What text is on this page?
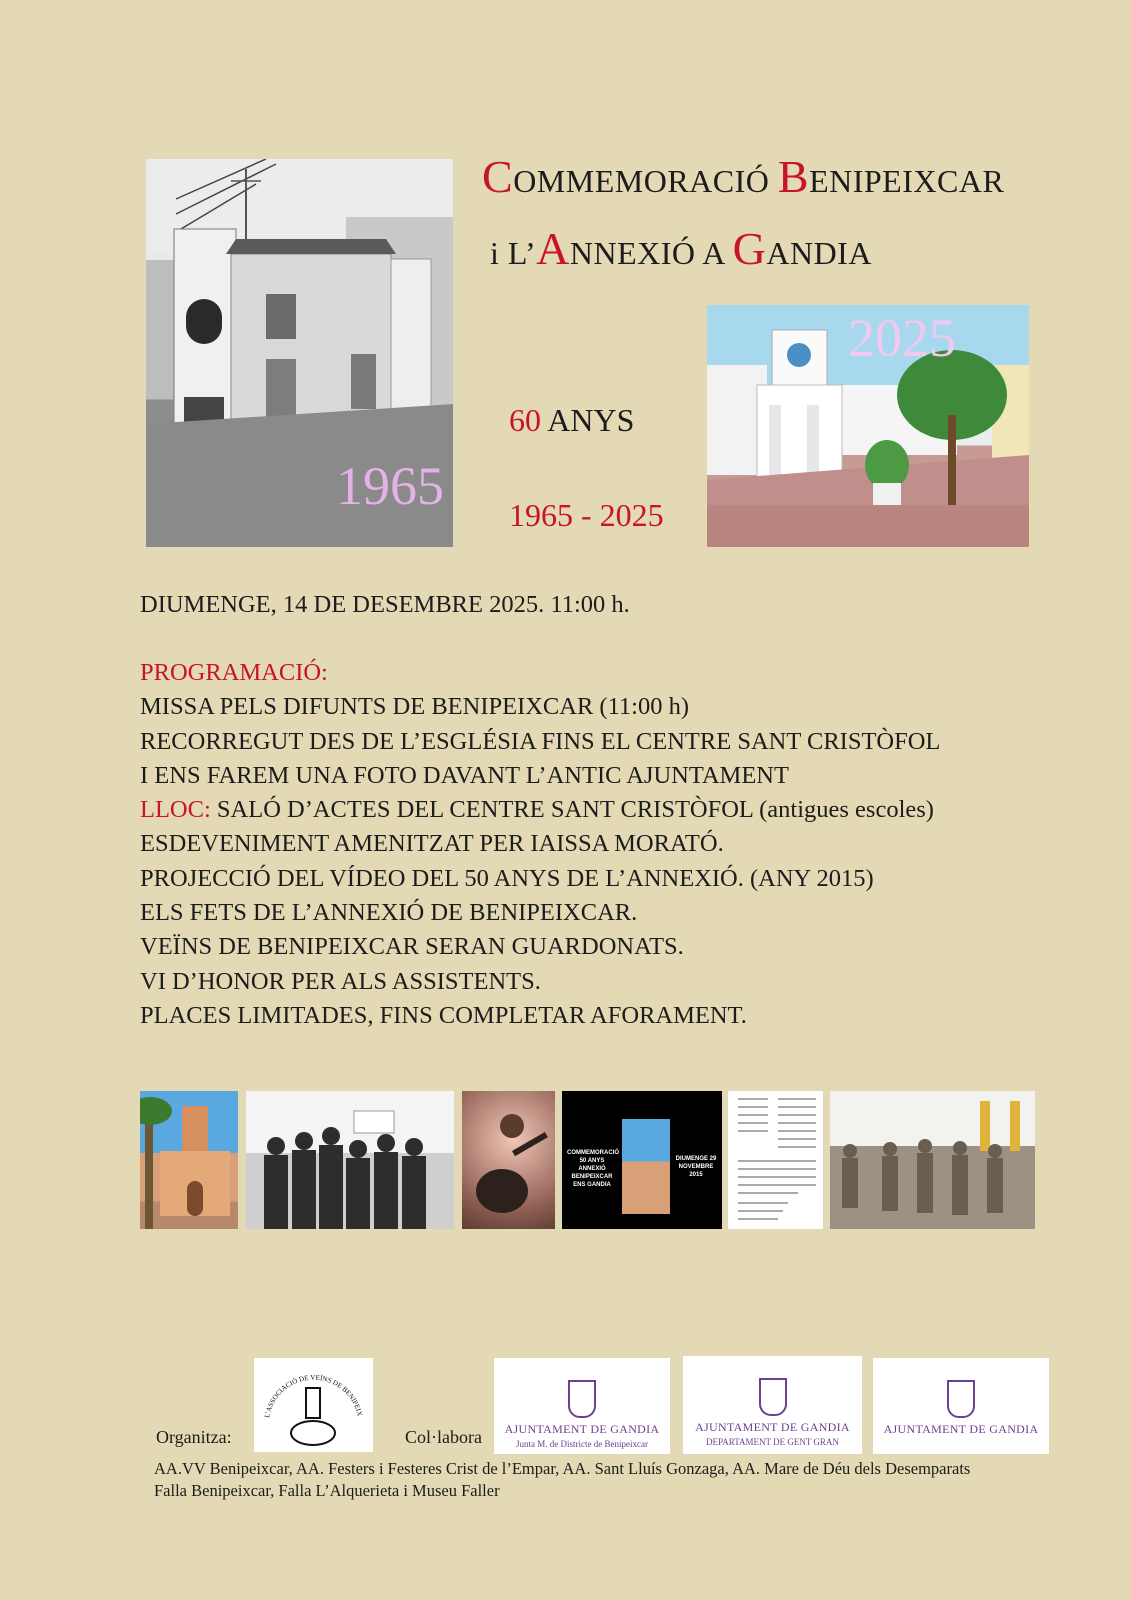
COMMEMORACIÓ BENIPEIXCAR
i L’ANNEXIÓ A GANDIA
1965
60 ANYS
1965 - 2025
2025
DIUMENGE, 14 DE DESEMBRE 2025. 11:00 h.
PROGRAMACIÓ:
MISSA PELS DIFUNTS DE BENIPEIXCAR (11:00 h)
RECORREGUT DES DE L’ESGLÉSIA FINS EL CENTRE SANT CRISTÒFOL
I ENS FAREM UNA FOTO DAVANT L’ANTIC AJUNTAMENT
LLOC: SALÓ D’ACTES DEL CENTRE SANT CRISTÒFOL (antigues escoles)
ESDEVENIMENT AMENITZAT PER IAISSA MORATÓ.
PROJECCIÓ DEL VÍDEO DEL 50 ANYS DE L’ANNEXIÓ. (ANY 2015)
ELS FETS DE L’ANNEXIÓ DE BENIPEIXCAR.
VEÏNS DE BENIPEIXCAR SERAN GUARDONATS.
VI D’HONOR PER ALS ASSISTENTS.
PLACES LIMITADES, FINS COMPLETAR AFORAMENT.
COMMEMORACIÓ 50 ANYS ANNEXIÓ BENIPEIXCAR ENS GANDIA
DIUMENGE 29 NOVEMBRE 2015
Organitza:
L’ASSOCIACIÓ DE VEÏNS DE BENIPEIX
Col·labora	AJUNTAMENT DE GANDIA
Junta M. de Districte de Benipeixcar
AJUNTAMENT DE GANDIA
DEPARTAMENT DE GENT GRAN
AJUNTAMENT DE GANDIA
AA.VV Benipeixcar, AA. Festers i Festeres Crist de l’Empar, AA. Sant Lluís Gonzaga, AA. Mare de Déu dels Desemparats
Falla Benipeixcar, Falla L’Alquerieta i Museu Faller
